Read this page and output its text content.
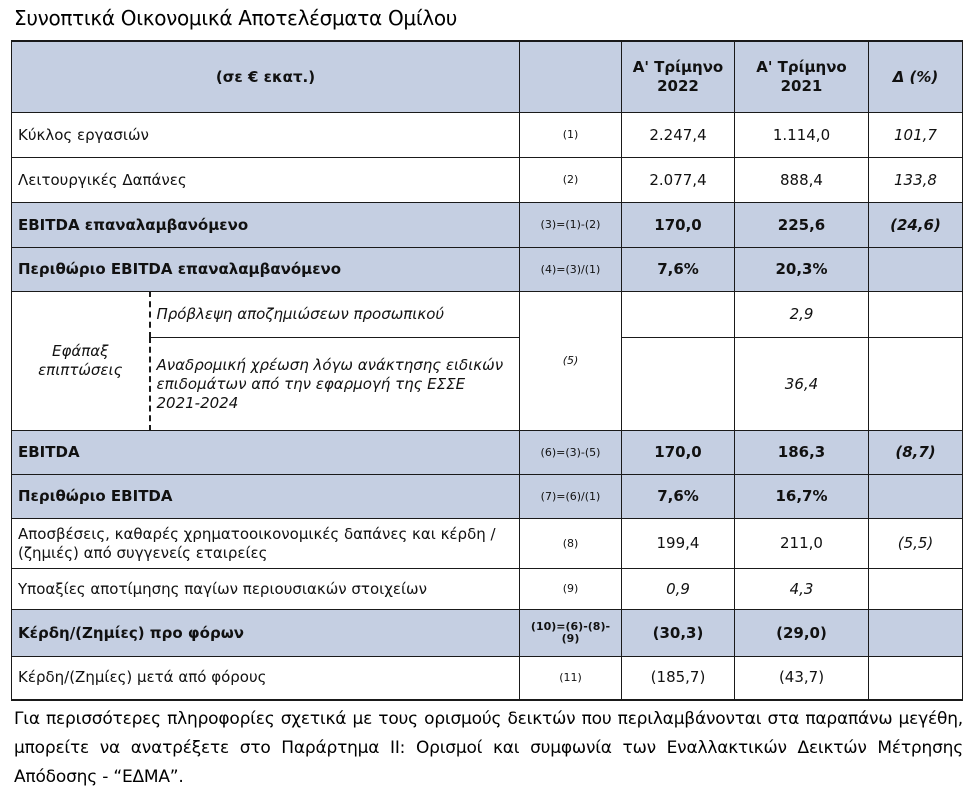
Συνοπτικά Οικονομικά Αποτελέσματα Ομίλου
(σε € εκατ.)			Α' Τρίμηνο 2022	Α' Τρίμηνο 2021	Δ (%)
Κύκλος εργασιών		(1)	2.247,4	1.114,0	101,7
Λειτουργικές Δαπάνες		(2)	2.077,4	888,4	133,8
EBITDA επαναλαμβανόμενο		(3)=(1)-(2)	170,0	225,6	(24,6)
Περιθώριο EBITDA επαναλαμβανόμενο		(4)=(3)/(1)	7,6%	20,3%	
Εφάπαξ επιπτώσεις	Πρόβλεψη αποζημιώσεων προσωπικού	(5)		2,9	
	Αναδρομική χρέωση λόγω ανάκτησης ειδικών επιδομάτων από την εφαρμογή της ΕΣΣΕ 2021-2024			36,4	
EBITDA		(6)=(3)-(5)	170,0	186,3	(8,7)
Περιθώριο EBITDA		(7)=(6)/(1)	7,6%	16,7%	
Αποσβέσεις, καθαρές χρηματοοικονομικές δαπάνες και κέρδη / (ζημιές) από συγγενείς εταιρείες		(8)	199,4	211,0	(5,5)
Υποαξίες αποτίμησης παγίων περιουσιακών στοιχείων		(9)	0,9	4,3	
Κέρδη/(Ζημίες) προ φόρων		(10)=(6)-(8)-(9)	(30,3)	(29,0)	
Κέρδη/(Ζημίες) μετά από φόρους		(11)	(185,7)	(43,7)	
Για περισσότερες πληροφορίες σχετικά με τους ορισμούς δεικτών που περιλαμβάνονται στα παραπάνω μεγέθη, μπορείτε να ανατρέξετε στο Παράρτημα ΙΙ: Ορισμοί και συμφωνία των Εναλλακτικών Δεικτών Μέτρησης Απόδοσης - “ΕΔΜΑ”.
